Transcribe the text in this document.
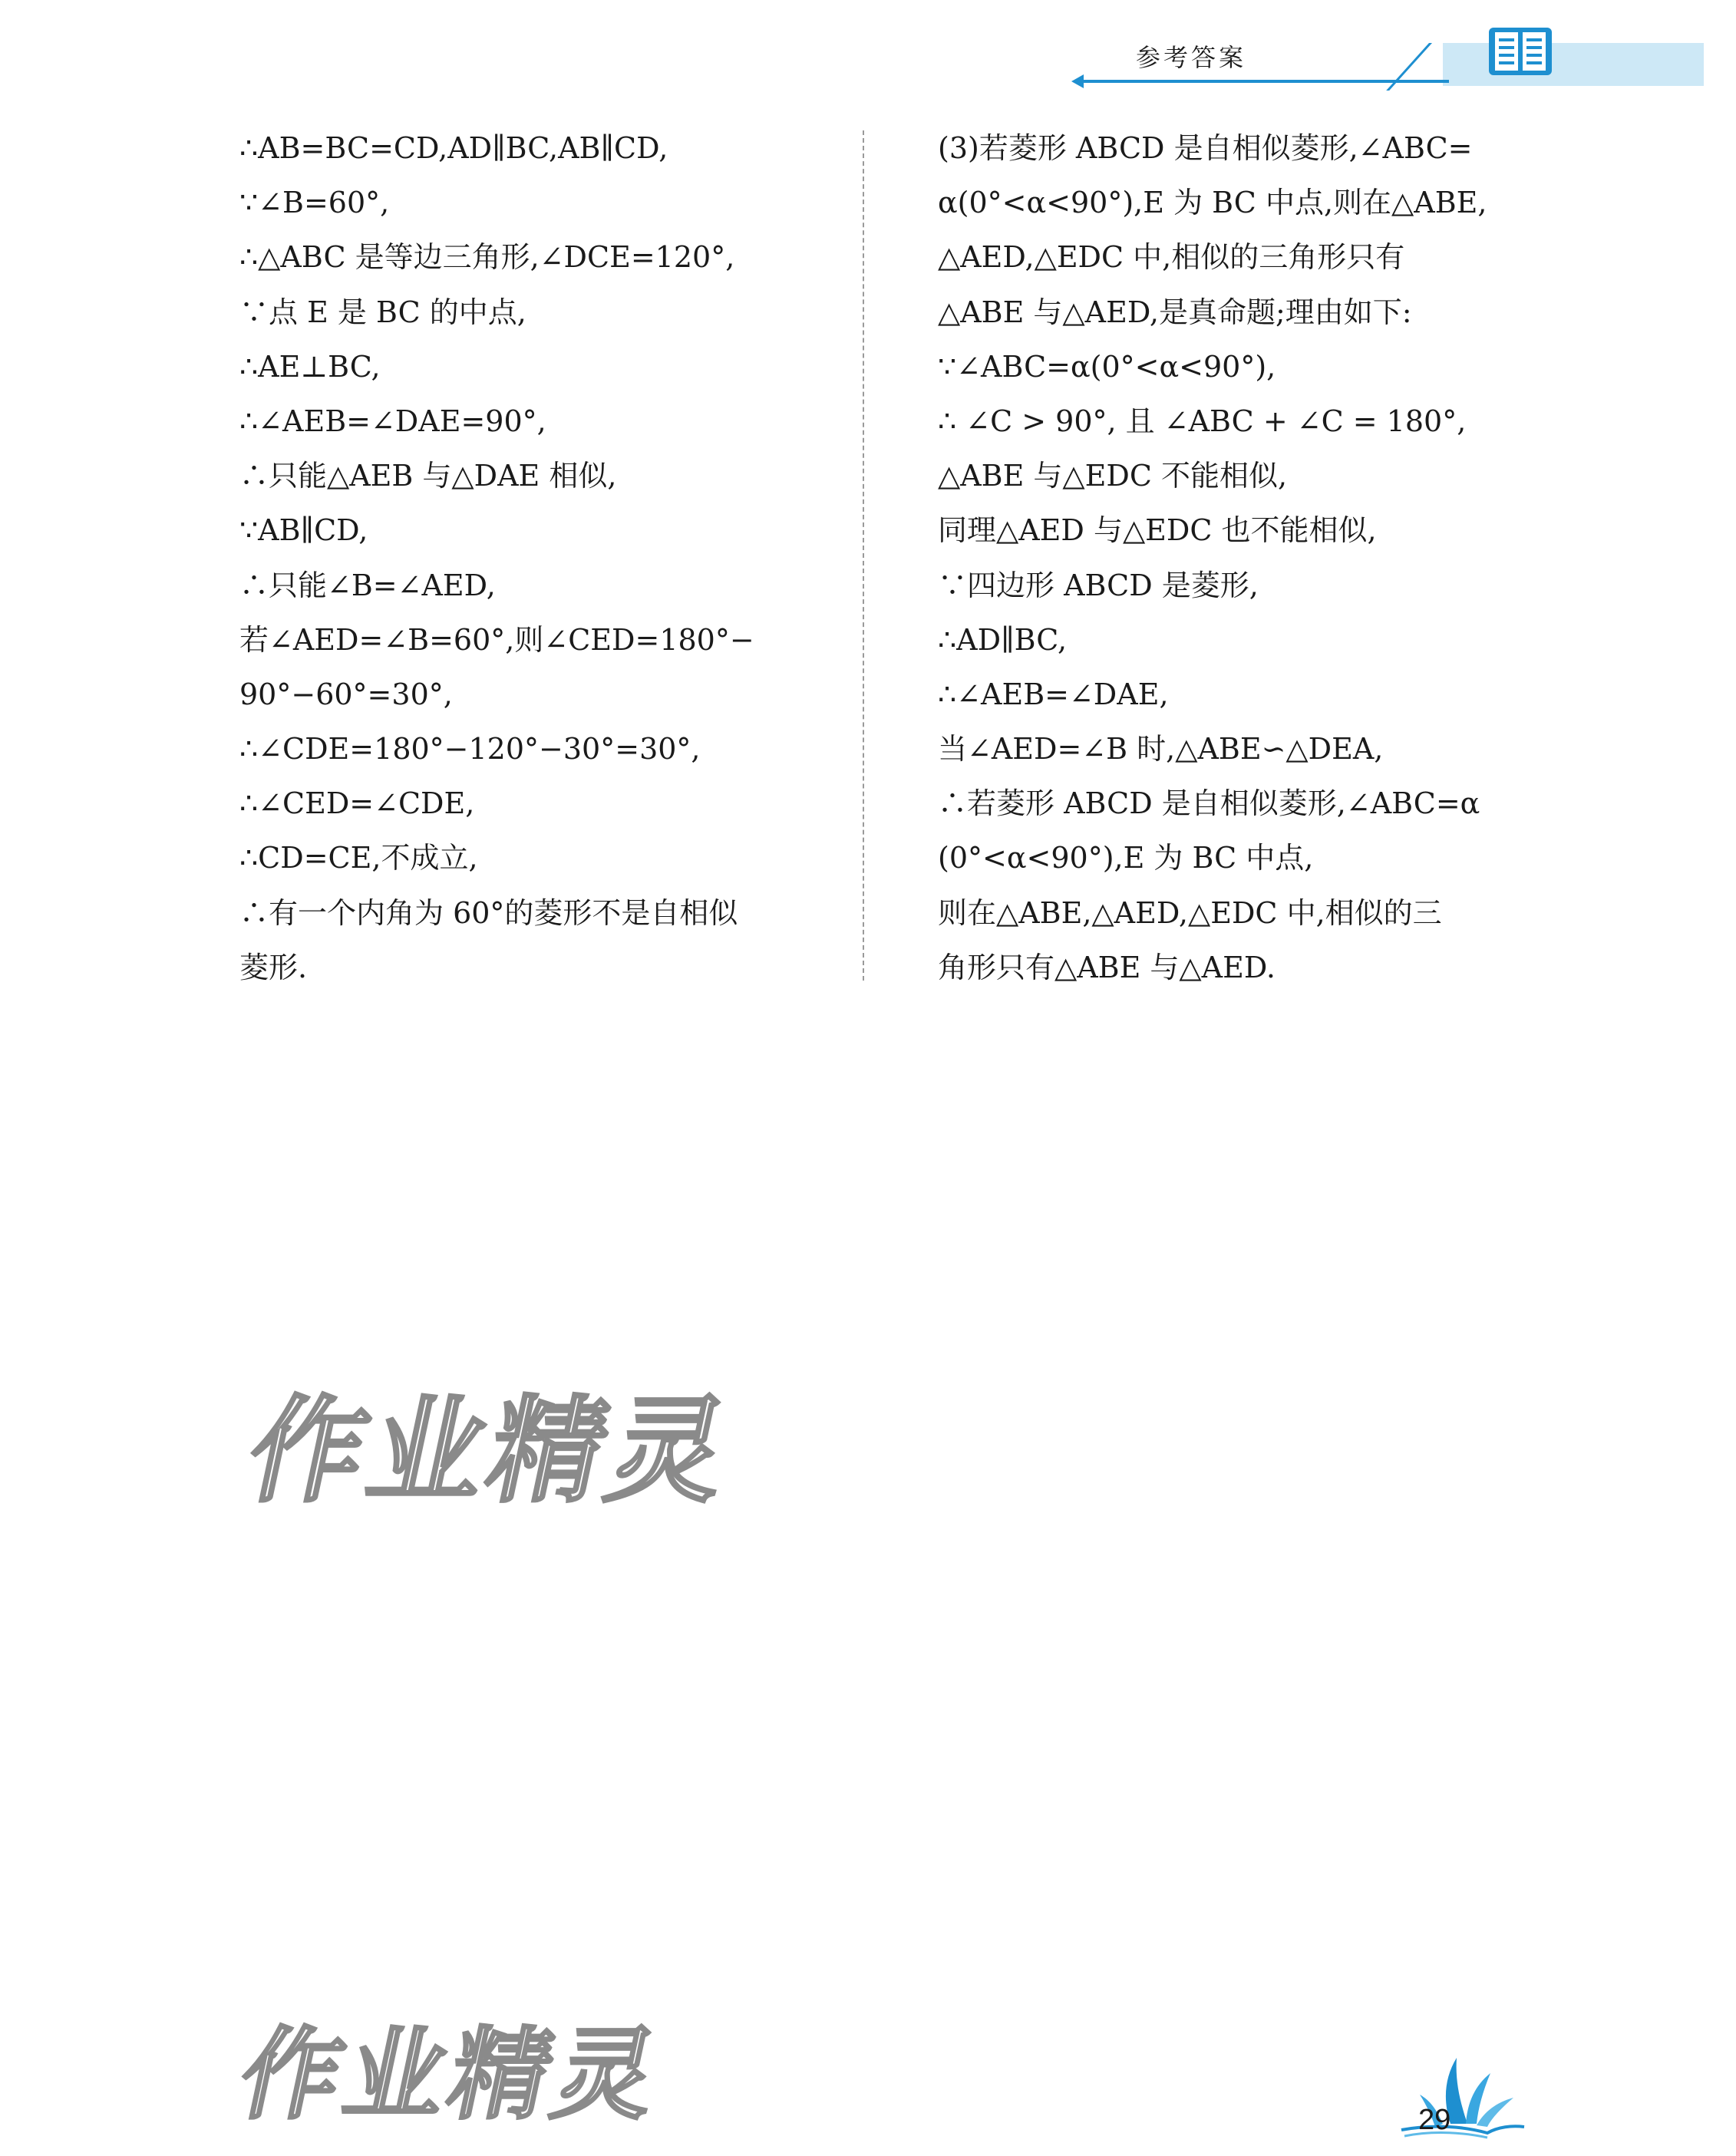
参考答案
∴AB=BC=CD,AD∥BC,AB∥CD,
∵∠B=60°,
∴△ABC 是等边三角形,∠DCE=120°,
∵点 E 是 BC 的中点,
∴AE⊥BC,
∴∠AEB=∠DAE=90°,
∴只能△AEB 与△DAE 相似,
∵AB∥CD,
∴只能∠B=∠AED,
若∠AED=∠B=60°,则∠CED=180°−
90°−60°=30°,
∴∠CDE=180°−120°−30°=30°,
∴∠CED=∠CDE,
∴CD=CE,不成立,
∴有一个内角为 60°的菱形不是自相似
菱形.
(3)若菱形 ABCD 是自相似菱形,∠ABC=
α(0°<α<90°),E 为 BC 中点,则在△ABE,
△AED,△EDC 中,相似的三角形只有
△ABE 与△AED,是真命题;理由如下:
∵∠ABC=α(0°<α<90°),
∴ ∠C > 90°, 且 ∠ABC + ∠C = 180°,
△ABE 与△EDC 不能相似,
同理△AED 与△EDC 也不能相似,
∵四边形 ABCD 是菱形,
∴AD∥BC,
∴∠AEB=∠DAE,
当∠AED=∠B 时,△ABE∽△DEA,
∴若菱形 ABCD 是自相似菱形,∠ABC=α
(0°<α<90°),E 为 BC 中点,
则在△ABE,△AED,△EDC 中,相似的三
角形只有△ABE 与△AED.
作业精灵
作业精灵	29
